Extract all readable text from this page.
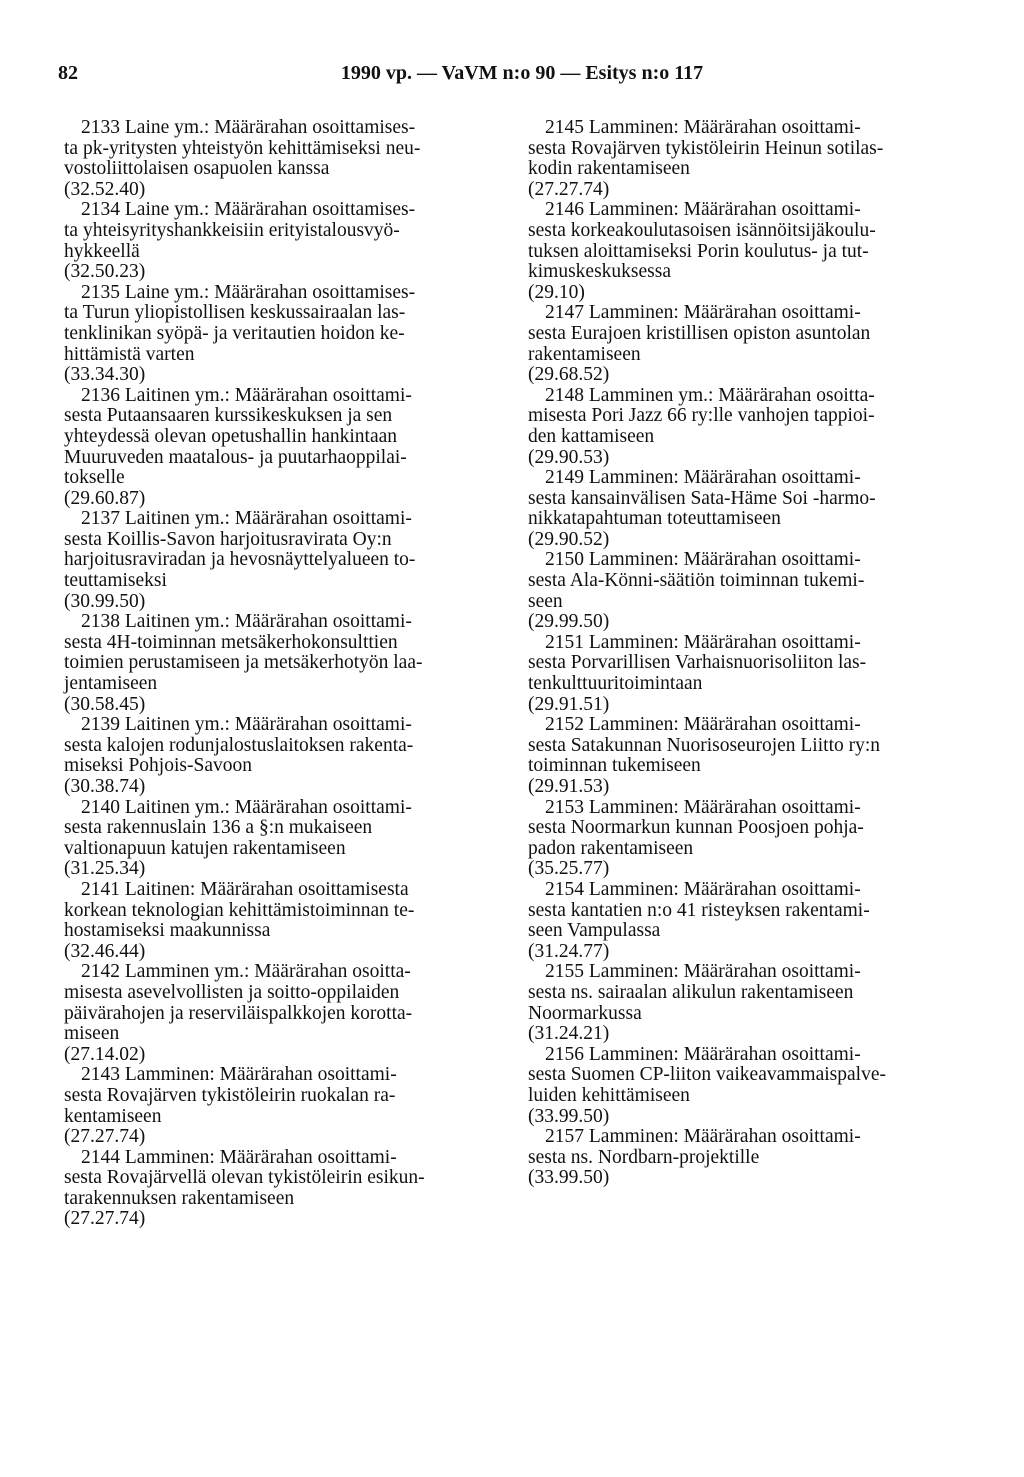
82	1990 vp. — VaVM n:o 90 — Esitys n:o 117
2133 Laine ym.: Määrärahan osoittamises-
ta pk-yritysten yhteistyön kehittämiseksi neu-
vostoliittolaisen osapuolen kanssa
(32.52.40)
2134 Laine ym.: Määrärahan osoittamises-
ta yhteisyrityshankkeisiin erityistalousvyö-
hykkeellä
(32.50.23)
2135 Laine ym.: Määrärahan osoittamises-
ta Turun yliopistollisen keskussairaalan las-
tenklinikan syöpä- ja veritautien hoidon ke-
hittämistä varten
(33.34.30)
2136 Laitinen ym.: Määrärahan osoittami-
sesta Putaansaaren kurssikeskuksen ja sen
yhteydessä olevan opetushallin hankintaan
Muuruveden maatalous- ja puutarhaoppilai-
tokselle
(29.60.87)
2137 Laitinen ym.: Määrärahan osoittami-
sesta Koillis-Savon harjoitusravirata Oy:n
harjoitusraviradan ja hevosnäyttelyalueen to-
teuttamiseksi
(30.99.50)
2138 Laitinen ym.: Määrärahan osoittami-
sesta 4H-toiminnan metsäkerhokonsulttien
toimien perustamiseen ja metsäkerhotyön laa-
jentamiseen
(30.58.45)
2139 Laitinen ym.: Määrärahan osoittami-
sesta kalojen rodunjalostuslaitoksen rakenta-
miseksi Pohjois-Savoon
(30.38.74)
2140 Laitinen ym.: Määrärahan osoittami-
sesta rakennuslain 136 a §:n mukaiseen
valtionapuun katujen rakentamiseen
(31.25.34)
2141 Laitinen: Määrärahan osoittamisesta
korkean teknologian kehittämistoiminnan te-
hostamiseksi maakunnissa
(32.46.44)
2142 Lamminen ym.: Määrärahan osoitta-
misesta asevelvollisten ja soitto-oppilaiden
päivärahojen ja reserviläispalkkojen korotta-
miseen
(27.14.02)
2143 Lamminen: Määrärahan osoittami-
sesta Rovajärven tykistöleirin ruokalan ra-
kentamiseen
(27.27.74)
2144 Lamminen: Määrärahan osoittami-
sesta Rovajärvellä olevan tykistöleirin esikun-
tarakennuksen rakentamiseen
(27.27.74)
2145 Lamminen: Määrärahan osoittami-
sesta Rovajärven tykistöleirin Heinun sotilas-
kodin rakentamiseen
(27.27.74)
2146 Lamminen: Määrärahan osoittami-
sesta korkeakoulutasoisen isännöitsijäkoulu-
tuksen aloittamiseksi Porin koulutus- ja tut-
kimuskeskuksessa
(29.10)
2147 Lamminen: Määrärahan osoittami-
sesta Eurajoen kristillisen opiston asuntolan
rakentamiseen
(29.68.52)
2148 Lamminen ym.: Määrärahan osoitta-
misesta Pori Jazz 66 ry:lle vanhojen tappioi-
den kattamiseen
(29.90.53)
2149 Lamminen: Määrärahan osoittami-
sesta kansainvälisen Sata-Häme Soi -harmo-
nikkatapahtuman toteuttamiseen
(29.90.52)
2150 Lamminen: Määrärahan osoittami-
sesta Ala-Könni-säätiön toiminnan tukemi-
seen
(29.99.50)
2151 Lamminen: Määrärahan osoittami-
sesta Porvarillisen Varhaisnuorisoliiton las-
tenkulttuuritoimintaan
(29.91.51)
2152 Lamminen: Määrärahan osoittami-
sesta Satakunnan Nuorisoseurojen Liitto ry:n
toiminnan tukemiseen
(29.91.53)
2153 Lamminen: Määrärahan osoittami-
sesta Noormarkun kunnan Poosjoen pohja-
padon rakentamiseen
(35.25.77)
2154 Lamminen: Määrärahan osoittami-
sesta kantatien n:o 41 risteyksen rakentami-
seen Vampulassa
(31.24.77)
2155 Lamminen: Määrärahan osoittami-
sesta ns. sairaalan alikulun rakentamiseen
Noormarkussa
(31.24.21)
2156 Lamminen: Määrärahan osoittami-
sesta Suomen CP-liiton vaikeavammaispalve-
luiden kehittämiseen
(33.99.50)
2157 Lamminen: Määrärahan osoittami-
sesta ns. Nordbarn-projektille
(33.99.50)
